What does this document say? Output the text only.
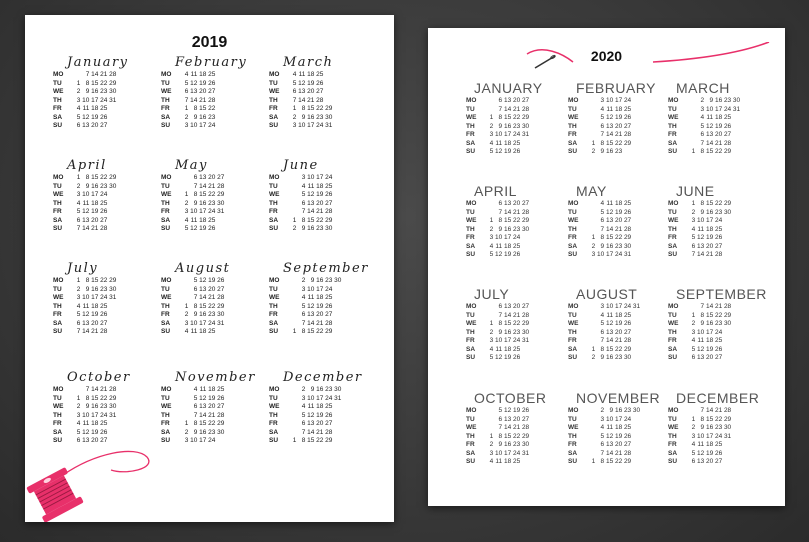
2019
January
MO	7 14 21 28
TU	1 8 15 22 29
WE	2 9 16 23 30
TH	3 10 17 24 31
FR	4 11 18 25
SA	5 12 19 26
SU	6 13 20 27
February
MO	4 11 18 25
TU	5 12 19 26
WE	6 13 20 27
TH	7 14 21 28
FR	1 8 15 22
SA	2 9 16 23
SU	3 10 17 24
March
MO	4 11 18 25
TU	5 12 19 26
WE	6 13 20 27
TH	7 14 21 28
FR	1 8 15 22 29
SA	2 9 16 23 30
SU	3 10 17 24 31
April
MO	1 8 15 22 29
TU	2 9 16 23 30
WE	3 10 17 24
TH	4 11 18 25
FR	5 12 19 26
SA	6 13 20 27
SU	7 14 21 28
May
MO	6 13 20 27
TU	7 14 21 28
WE	1 8 15 22 29
TH	2 9 16 23 30
FR	3 10 17 24 31
SA	4 11 18 25
SU	5 12 19 26
June
MO	3 10 17 24
TU	4 11 18 25
WE	5 12 19 26
TH	6 13 20 27
FR	7 14 21 28
SA	1 8 15 22 29
SU	2 9 16 23 30
July
MO	1 8 15 22 29
TU	2 9 16 23 30
WE	3 10 17 24 31
TH	4 11 18 25
FR	5 12 19 26
SA	6 13 20 27
SU	7 14 21 28
August
MO	5 12 19 26
TU	6 13 20 27
WE	7 14 21 28
TH	1 8 15 22 29
FR	2 9 16 23 30
SA	3 10 17 24 31
SU	4 11 18 25
September
MO	2 9 16 23 30
TU	3 10 17 24
WE	4 11 18 25
TH	5 12 19 26
FR	6 13 20 27
SA	7 14 21 28
SU	1 8 15 22 29
October
MO	7 14 21 28
TU	1 8 15 22 29
WE	2 9 16 23 30
TH	3 10 17 24 31
FR	4 11 18 25
SA	5 12 19 26
SU	6 13 20 27
November
MO	4 11 18 25
TU	5 12 19 26
WE	6 13 20 27
TH	7 14 21 28
FR	1 8 15 22 29
SA	2 9 16 23 30
SU	3 10 17 24
December
MO	2 9 16 23 30
TU	3 10 17 24 31
WE	4 11 18 25
TH	5 12 19 26
FR	6 13 20 27
SA	7 14 21 28
SU	1 8 15 22 29
2020
JANUARY
MO	6 13 20 27
TU	7 14 21 28
WE	1 8 15 22 29
TH	2 9 16 23 30
FR	3 10 17 24 31
SA	4 11 18 25
SU	5 12 19 26
FEBRUARY
MO	3 10 17 24
TU	4 11 18 25
WE	5 12 19 26
TH	6 13 20 27
FR	7 14 21 28
SA	1 8 15 22 29
SU	2 9 16 23
MARCH
MO	2 9 16 23 30
TU	3 10 17 24 31
WE	4 11 18 25
TH	5 12 19 26
FR	6 13 20 27
SA	7 14 21 28
SU	1 8 15 22 29
APRIL
MO	6 13 20 27
TU	7 14 21 28
WE	1 8 15 22 29
TH	2 9 16 23 30
FR	3 10 17 24
SA	4 11 18 25
SU	5 12 19 26
MAY
MO	4 11 18 25
TU	5 12 19 26
WE	6 13 20 27
TH	7 14 21 28
FR	1 8 15 22 29
SA	2 9 16 23 30
SU	3 10 17 24 31
JUNE
MO	1 8 15 22 29
TU	2 9 16 23 30
WE	3 10 17 24
TH	4 11 18 25
FR	5 12 19 26
SA	6 13 20 27
SU	7 14 21 28
JULY
MO	6 13 20 27
TU	7 14 21 28
WE	1 8 15 22 29
TH	2 9 16 23 30
FR	3 10 17 24 31
SA	4 11 18 25
SU	5 12 19 26
AUGUST
MO	3 10 17 24 31
TU	4 11 18 25
WE	5 12 19 26
TH	6 13 20 27
FR	7 14 21 28
SA	1 8 15 22 29
SU	2 9 16 23 30
SEPTEMBER
MO	7 14 21 28
TU	1 8 15 22 29
WE	2 9 16 23 30
TH	3 10 17 24
FR	4 11 18 25
SA	5 12 19 26
SU	6 13 20 27
OCTOBER
MO	5 12 19 26
TU	6 13 20 27
WE	7 14 21 28
TH	1 8 15 22 29
FR	2 9 16 23 30
SA	3 10 17 24 31
SU	4 11 18 25
NOVEMBER
MO	2 9 16 23 30
TU	3 10 17 24
WE	4 11 18 25
TH	5 12 19 26
FR	6 13 20 27
SA	7 14 21 28
SU	1 8 15 22 29
DECEMBER
MO	7 14 21 28
TU	1 8 15 22 29
WE	2 9 16 23 30
TH	3 10 17 24 31
FR	4 11 18 25
SA	5 12 19 26
SU	6 13 20 27
